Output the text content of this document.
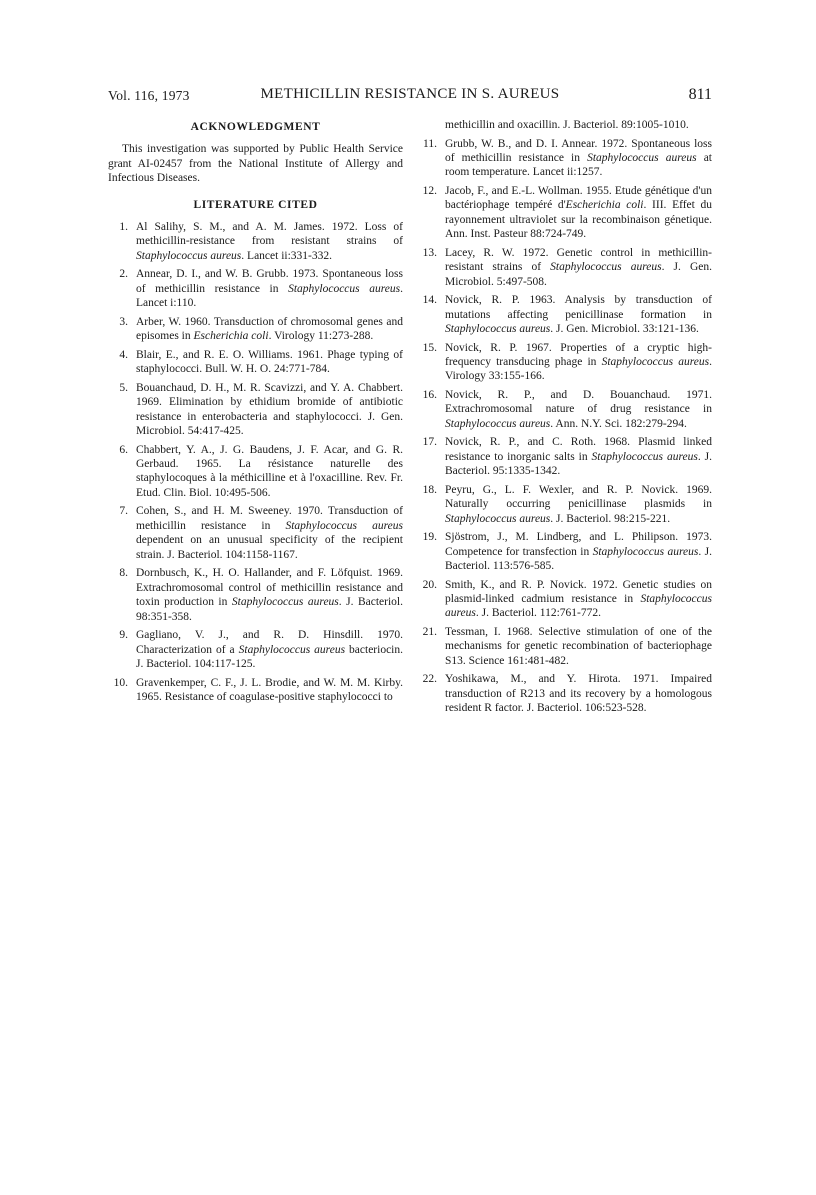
Vol. 116, 1973	METHICILLIN RESISTANCE IN S. AUREUS	811
ACKNOWLEDGMENT

This investigation was supported by Public Health Service grant AI-02457 from the National Institute of Allergy and Infectious Diseases.

LITERATURE CITED
1. Al Salihy, S. M., and A. M. James. 1972. Loss of methicillin-resistance from resistant strains of Staphylococcus aureus. Lancet ii:331-332.
2. Annear, D. I., and W. B. Grubb. 1973. Spontaneous loss of methicillin resistance in Staphylococcus aureus. Lancet i:110.
3. Arber, W. 1960. Transduction of chromosomal genes and episomes in Escherichia coli. Virology 11:273-288.
4. Blair, E., and R. E. O. Williams. 1961. Phage typing of staphylococci. Bull. W. H. O. 24:771-784.
5. Bouanchaud, D. H., M. R. Scavizzi, and Y. A. Chabbert. 1969. Elimination by ethidium bromide of antibiotic resistance in enterobacteria and staphylococci. J. Gen. Microbiol. 54:417-425.
6. Chabbert, Y. A., J. G. Baudens, J. F. Acar, and G. R. Gerbaud. 1965. La résistance naturelle des staphylocoques à la méthicilline et à l'oxacilline. Rev. Fr. Etud. Clin. Biol. 10:495-506.
7. Cohen, S., and H. M. Sweeney. 1970. Transduction of methicillin resistance in Staphylococcus aureus dependent on an unusual specificity of the recipient strain. J. Bacteriol. 104:1158-1167.
8. Dornbusch, K., H. O. Hallander, and F. Löfquist. 1969. Extrachromosomal control of methicillin resistance and toxin production in Staphylococcus aureus. J. Bacteriol. 98:351-358.
9. Gagliano, V. J., and R. D. Hinsdill. 1970. Characterization of a Staphylococcus aureus bacteriocin. J. Bacteriol. 104:117-125.
10. Gravenkemper, C. F., J. L. Brodie, and W. M. M. Kirby. 1965. Resistance of coagulase-positive staphylococci to
methicillin and oxacillin. J. Bacteriol. 89:1005-1010.
11. Grubb, W. B., and D. I. Annear. 1972. Spontaneous loss of methicillin resistance in Staphylococcus aureus at room temperature. Lancet ii:1257.
12. Jacob, F., and E.-L. Wollman. 1955. Etude génétique d'un bactériophage tempéré d'Escherichia coli. III. Effet du rayonnement ultraviolet sur la recombinaison génetique. Ann. Inst. Pasteur 88:724-749.
13. Lacey, R. W. 1972. Genetic control in methicillin-resistant strains of Staphylococcus aureus. J. Gen. Microbiol. 5:497-508.
14. Novick, R. P. 1963. Analysis by transduction of mutations affecting penicillinase formation in Staphylococcus aureus. J. Gen. Microbiol. 33:121-136.
15. Novick, R. P. 1967. Properties of a cryptic high-frequency transducing phage in Staphylococcus aureus. Virology 33:155-166.
16. Novick, R. P., and D. Bouanchaud. 1971. Extrachromosomal nature of drug resistance in Staphylococcus aureus. Ann. N.Y. Sci. 182:279-294.
17. Novick, R. P., and C. Roth. 1968. Plasmid linked resistance to inorganic salts in Staphylococcus aureus. J. Bacteriol. 95:1335-1342.
18. Peyru, G., L. F. Wexler, and R. P. Novick. 1969. Naturally occurring penicillinase plasmids in Staphylococcus aureus. J. Bacteriol. 98:215-221.
19. Sjöstrom, J., M. Lindberg, and L. Philipson. 1973. Competence for transfection in Staphylococcus aureus. J. Bacteriol. 113:576-585.
20. Smith, K., and R. P. Novick. 1972. Genetic studies on plasmid-linked cadmium resistance in Staphylococcus aureus. J. Bacteriol. 112:761-772.
21. Tessman, I. 1968. Selective stimulation of one of the mechanisms for genetic recombination of bacteriophage S13. Science 161:481-482.
22. Yoshikawa, M., and Y. Hirota. 1971. Impaired transduction of R213 and its recovery by a homologous resident R factor. J. Bacteriol. 106:523-528.
